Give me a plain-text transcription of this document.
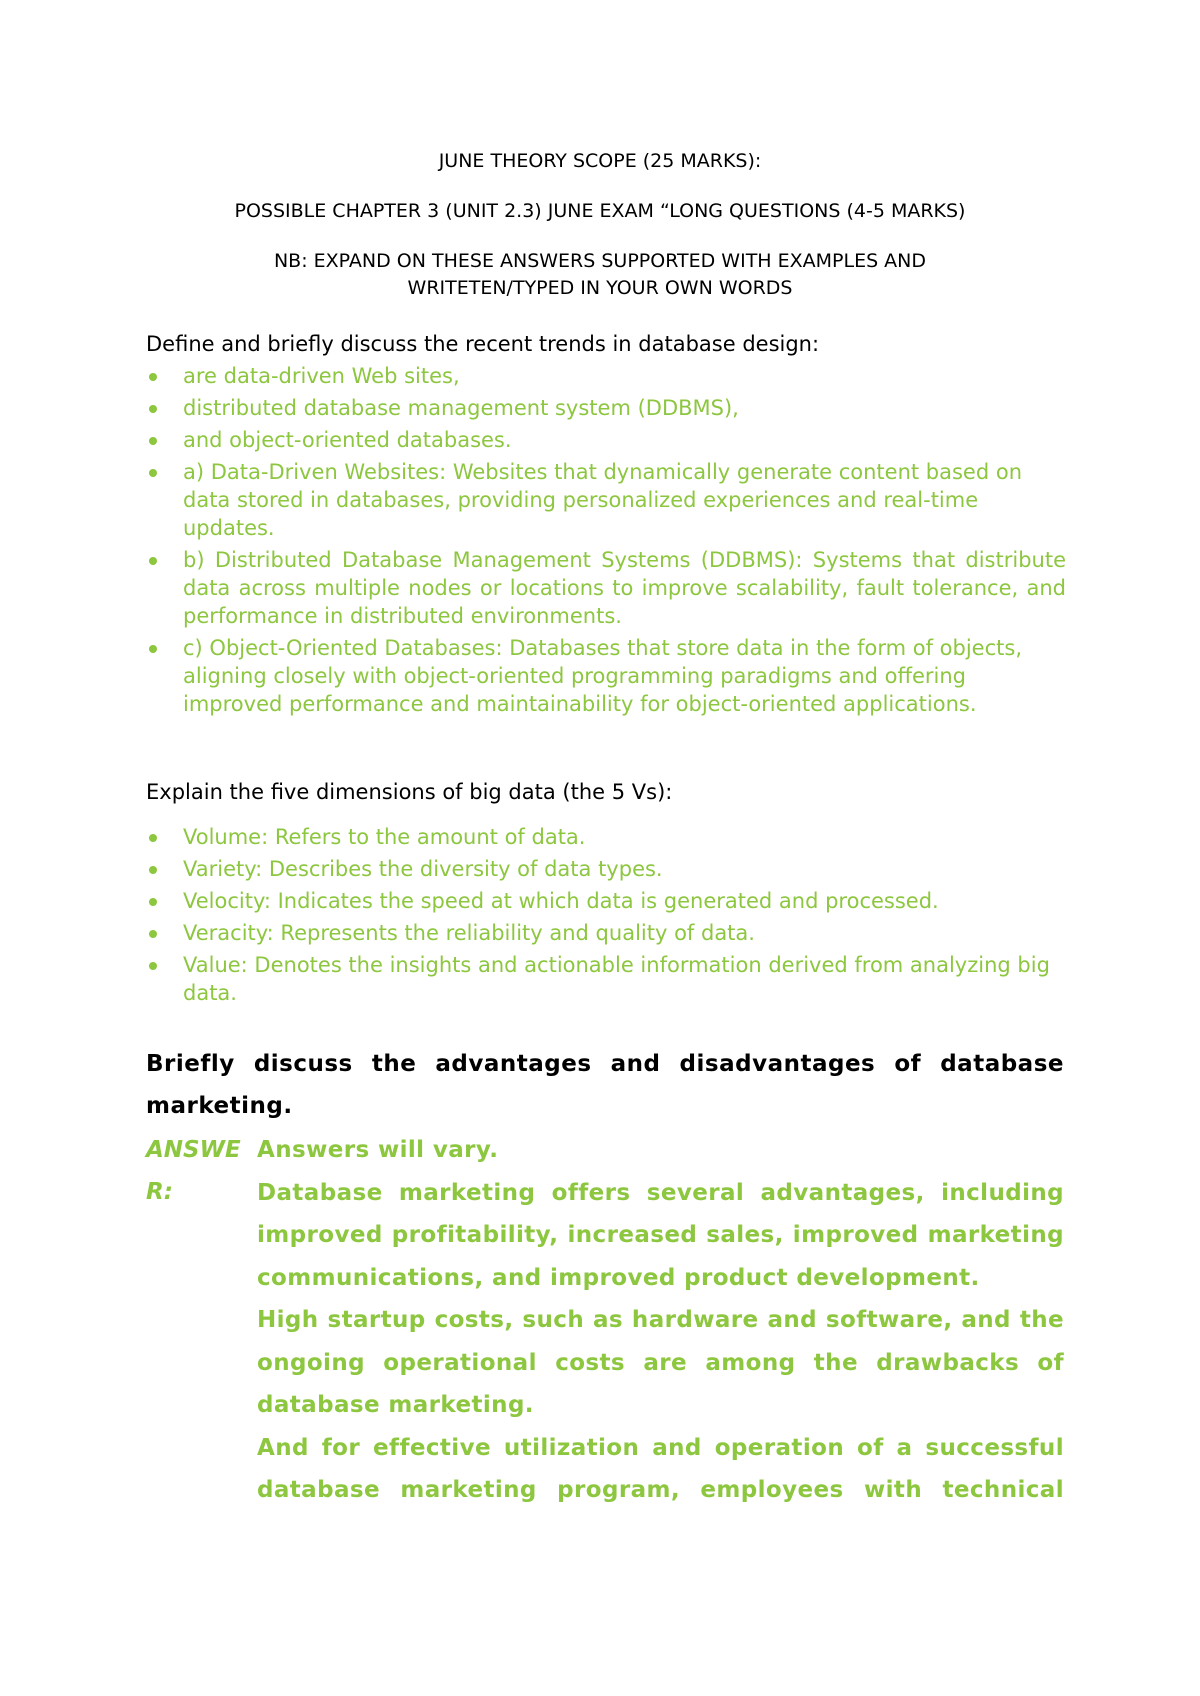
JUNE THEORY SCOPE (25 MARKS):
POSSIBLE CHAPTER 3 (UNIT 2.3) JUNE EXAM “LONG QUESTIONS (4-5 MARKS)
NB: EXPAND ON THESE ANSWERS SUPPORTED WITH EXAMPLES AND WRITETEN/TYPED IN YOUR OWN WORDS
Define and briefly discuss the recent trends in database design:
are data-driven Web sites,
distributed database management system (DDBMS),
and object-oriented databases.
a) Data-Driven Websites: Websites that dynamically generate content based on data stored in databases, providing personalized experiences and real-time updates.
b) Distributed Database Management Systems (DDBMS): Systems that distribute data across multiple nodes or locations to improve scalability, fault tolerance, and performance in distributed environments.
c) Object-Oriented Databases: Databases that store data in the form of objects, aligning closely with object-oriented programming paradigms and offering improved performance and maintainability for object-oriented applications.
Explain the five dimensions of big data (the 5 Vs):
Volume: Refers to the amount of data.
Variety: Describes the diversity of data types.
Velocity: Indicates the speed at which data is generated and processed.
Veracity: Represents the reliability and quality of data.
Value: Denotes the insights and actionable information derived from analyzing big data.
Briefly discuss the advantages and disadvantages of database marketing.
ANSWE
R:

Answers will vary.

Database marketing offers several advantages, including improved profitability, increased sales, improved marketing communications, and improved product development.

High startup costs, such as hardware and software, and the ongoing operational costs are among the drawbacks of database marketing.

And for effective utilization and operation of a successful database marketing program, employees with technical
